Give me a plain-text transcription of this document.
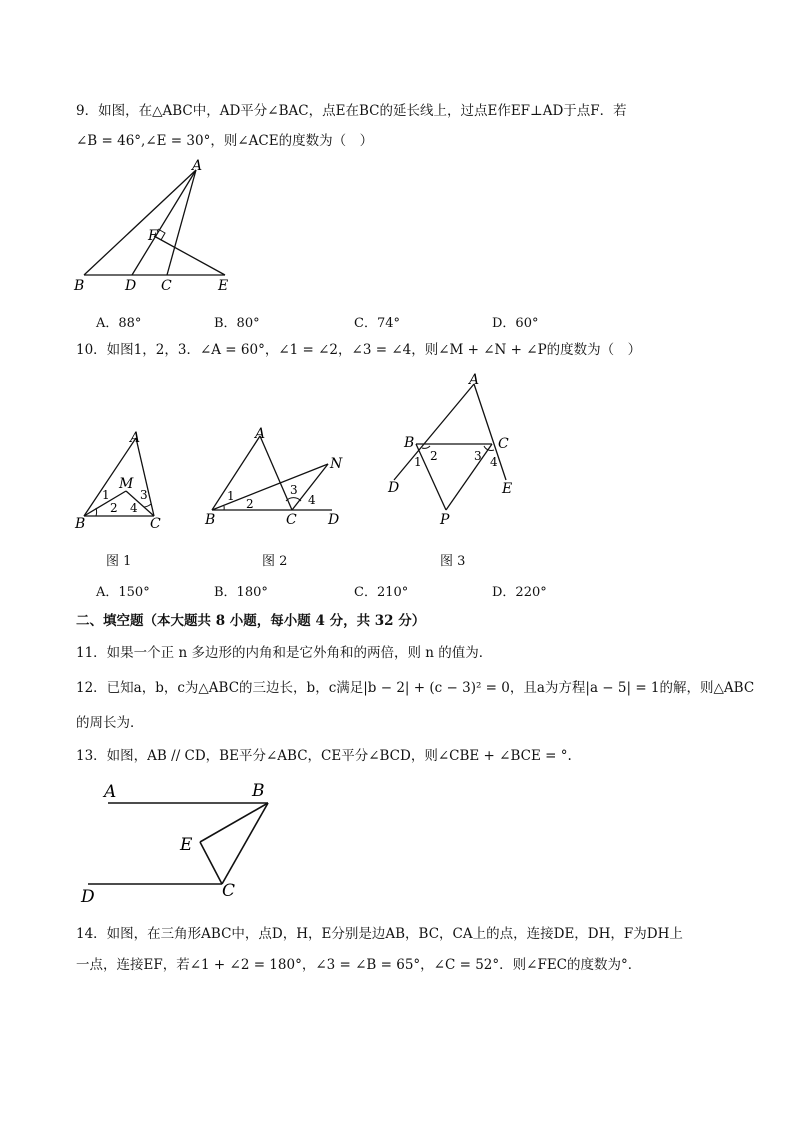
9．如图，在△ABC中，AD平分∠BAC，点E在BC的延长线上，过点E作EF⊥AD于点F．若
∠B = 46°,∠E = 30°，则∠ACE的度数为（　）
A
F
B	D C	E
A．88°	B．80°	C．74°	D．60°
10．如图1，2，3．∠A = 60°，∠1 = ∠2，∠3 = ∠4，则∠M + ∠N + ∠P的度数为（　）
A
M
B	C
1
2
3
4
A
N
B	C D
1
2
3
4
A
B	C
D	E
P
1 2	3 4
图 1	图 2	图 3
A．150°	B．180°	C．210°	D．220°
二、填空题（本大题共 8 小题，每小题 4 分，共 32 分）
11．如果一个正 n 多边形的内角和是它外角和的两倍，则 n 的值为．
12．已知a，b，c为△ABC的三边长，b，c满足|b − 2| + (c − 3)² = 0，且a为方程|a − 5| = 1的解，则△ABC
的周长为．
13．如图，AB // CD，BE平分∠ABC，CE平分∠BCD，则∠CBE + ∠BCE = °.
A	B
E
D	C
14．如图，在三角形ABC中，点D，H，E分别是边AB，BC，CA上的点，连接DE，DH，F为DH上
一点，连接EF，若∠1 + ∠2 = 180°，∠3 = ∠B = 65°，∠C = 52°．则∠FEC的度数为°．
